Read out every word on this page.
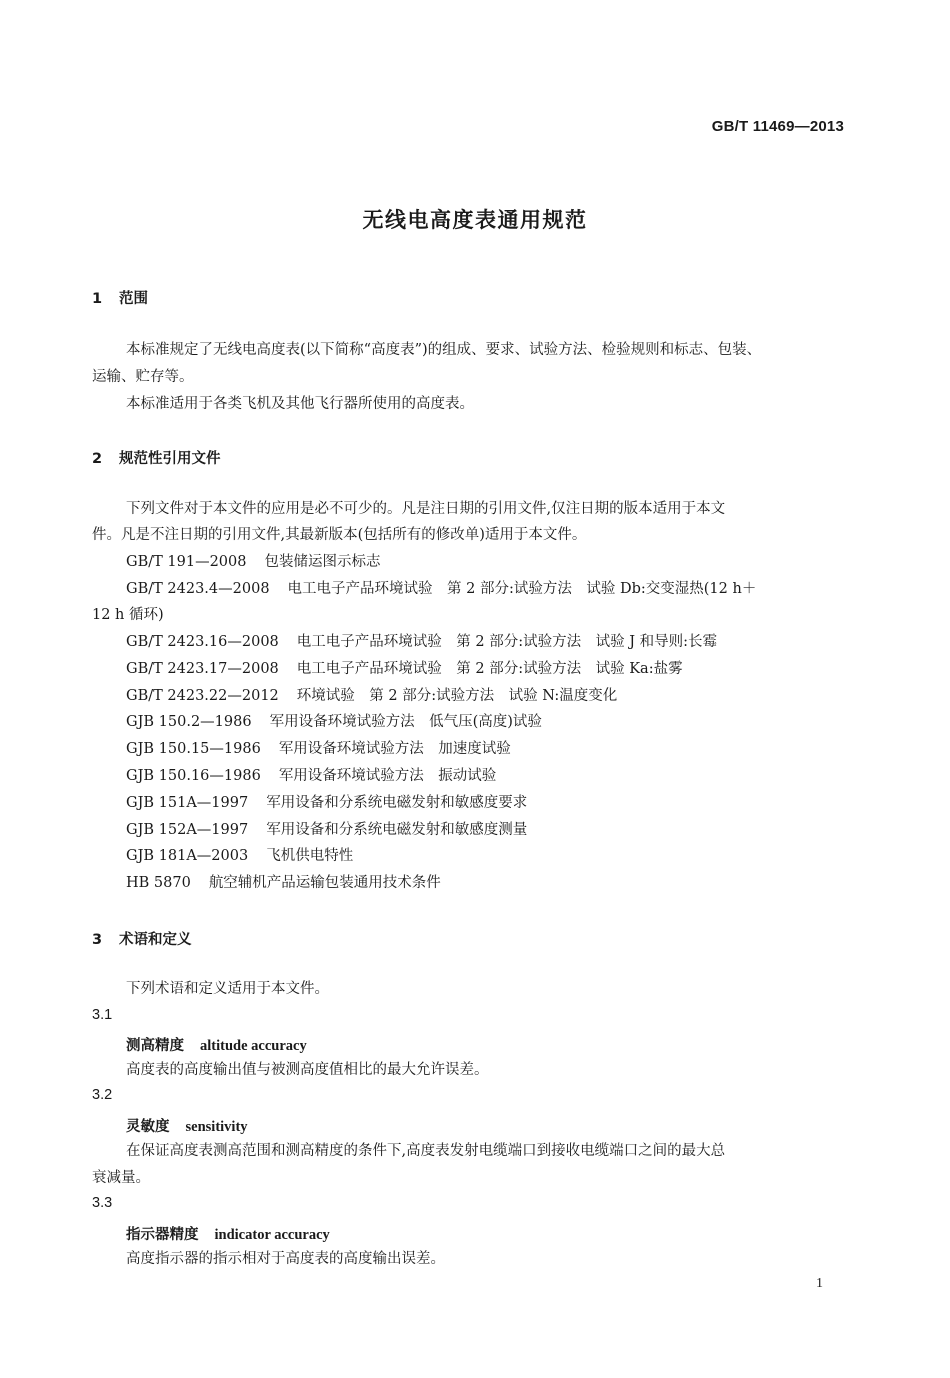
GB/T 11469—2013
无线电高度表通用规范
1 范围
本标准规定了无线电高度表(以下简称“高度表”)的组成、要求、试验方法、检验规则和标志、包装、
运输、贮存等。
本标准适用于各类飞机及其他飞行器所使用的高度表。
2 规范性引用文件
下列文件对于本文件的应用是必不可少的。凡是注日期的引用文件,仅注日期的版本适用于本文
件。凡是不注日期的引用文件,其最新版本(包括所有的修改单)适用于本文件。
GB/T 191—2008 包装储运图示标志
GB/T 2423.4—2008 电工电子产品环境试验　第 2 部分:试验方法　试验 Db:交变湿热(12 h＋
12 h 循环)
GB/T 2423.16—2008 电工电子产品环境试验　第 2 部分:试验方法　试验 J 和导则:长霉
GB/T 2423.17—2008 电工电子产品环境试验　第 2 部分:试验方法　试验 Ka:盐雾
GB/T 2423.22—2012 环境试验　第 2 部分:试验方法　试验 N:温度变化
GJB 150.2—1986 军用设备环境试验方法　低气压(高度)试验
GJB 150.15—1986 军用设备环境试验方法　加速度试验
GJB 150.16—1986 军用设备环境试验方法　振动试验
GJB 151A—1997 军用设备和分系统电磁发射和敏感度要求
GJB 152A—1997 军用设备和分系统电磁发射和敏感度测量
GJB 181A—2003 飞机供电特性
HB 5870 航空辅机产品运输包装通用技术条件
3 术语和定义
下列术语和定义适用于本文件。
3.1
测高精度 altitude accuracy
高度表的高度输出值与被测高度值相比的最大允许误差。
3.2
灵敏度 sensitivity
在保证高度表测高范围和测高精度的条件下,高度表发射电缆端口到接收电缆端口之间的最大总
衰减量。
3.3
指示器精度 indicator accuracy
高度指示器的指示相对于高度表的高度输出误差。
1
